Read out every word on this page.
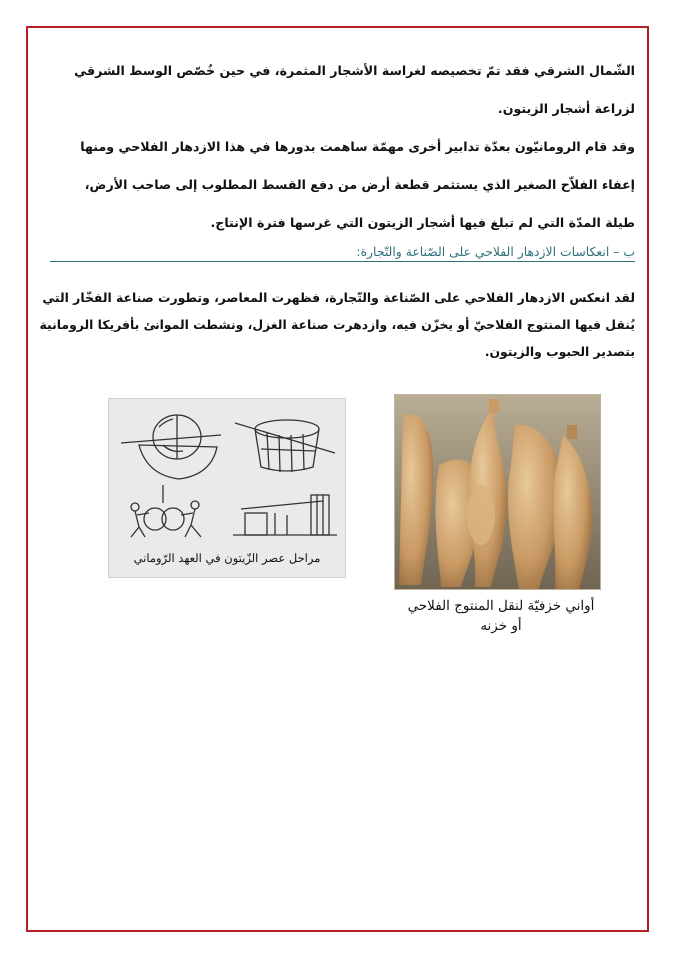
الشّمال الشرقي فقد تمّ تخصيصه لغراسة الأشجار المثمرة، في حين خُصّص الوسط الشرقي

لزراعة أشجار الزيتون.

وقد قام الرومانيّون بعدّة تدابير أخرى مهمّة ساهمت بدورها في هذا الازدهار الفلاحي ومنها

إعفاء الفلاّح الصغير الذي يستثمر قطعة أرض من دفع القسط المطلوب إلى صاحب الأرض،

طيلة المدّة التي لم تبلغ فيها أشجار الزيتون التي غرسها فترة الإنتاج.

ب – انعكاسات الازدهار الفلاحي على الصّناعة والتّجارة:

لقد انعكس الازدهار الفلاحي على الصّناعة والتّجارة، فظهرت المعاصر، وتطورت صناعة الفخّار التي

يُنقل فيها المنتوج الفلاحيّ أو يخزّن فيه، وازدهرت صناعة الغزل، ونشطت الموانئ بأفريكا الرومانية

بتصدير الحبوب والزيتون.

مراحل عصر الزّيتون في العهد الرّوماني
أواني خزفيّة لنقل المنتوج الفلاحي
أو خزنه
